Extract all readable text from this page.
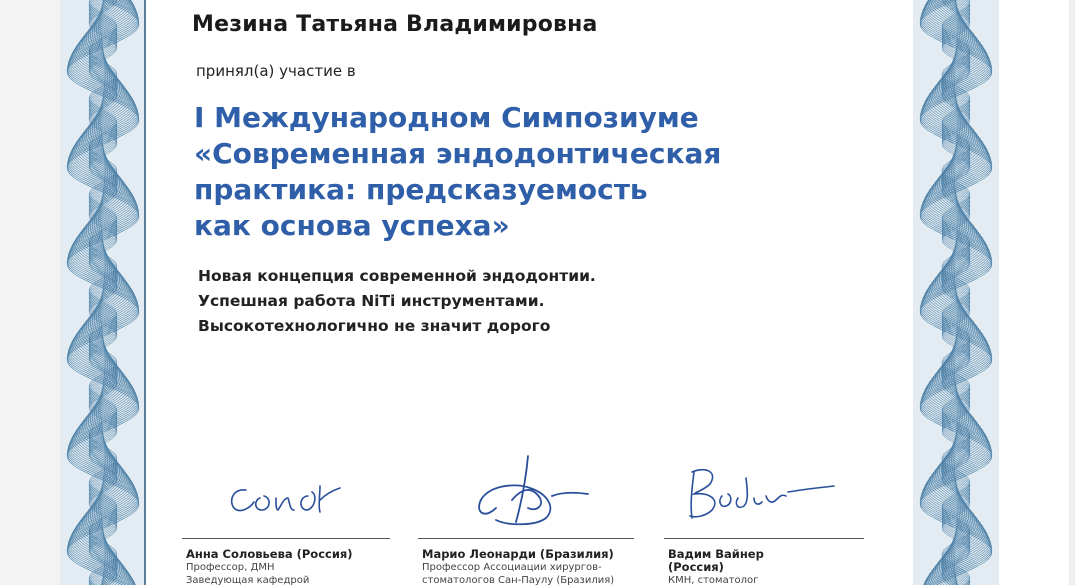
Мезина Татьяна Владимировна
принял(а) участие в
I Международном Симпозиуме
«Современная эндодонтическая
практика: предсказуемость
как основа успеха»
Новая концепция современной эндодонтии.
Успешная работа NiTi инструментами.
Высокотехнологично не значит дорого
Анна Соловьева (Россия)
Профессор, ДМН
Заведующая кафедрой
Марио Леонарди (Бразилия)
Профессор Ассоциации хирургов-
стоматологов Сан-Паулу (Бразилия)
Вадим Вайнер
(Россия)
КМН, стоматолог
